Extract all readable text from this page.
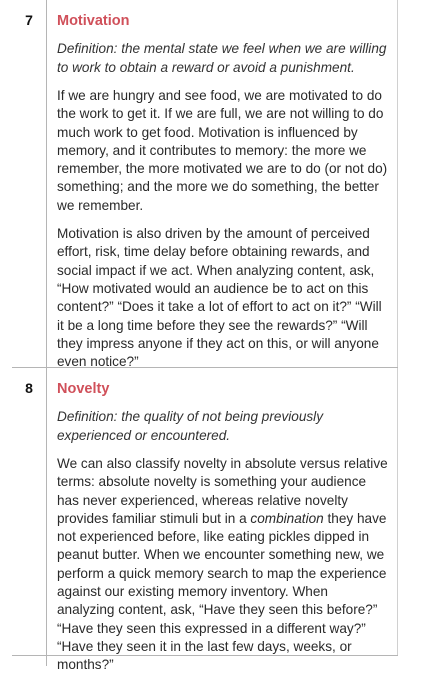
7	Motivation

Definition: the mental state we feel when we are willing to work to obtain a reward or avoid a punishment.

If we are hungry and see food, we are motivated to do the work to get it. If we are full, we are not willing to do much work to get food. Motivation is influenced by memory, and it contributes to memory: the more we remember, the more motivated we are to do (or not do) something; and the more we do something, the better we remember.

Motivation is also driven by the amount of perceived effort, risk, time delay before obtaining rewards, and social impact if we act. When analyzing content, ask, “How motivated would an audience be to act on this content?” “Does it take a lot of effort to act on it?” “Will it be a long time before they see the rewards?” “Will they impress anyone if they act on this, or will anyone even notice?”

8	Novelty

Definition: the quality of not being previously experienced or encountered.

We can also classify novelty in absolute versus relative terms: absolute novelty is something your audience has never experienced, whereas relative novelty provides familiar stimuli but in a combination they have not experienced before, like eating pickles dipped in peanut butter. When we encounter something new, we perform a quick memory search to map the experience against our existing memory inventory. When analyzing content, ask, “Have they seen this before?” “Have they seen this expressed in a different way?” “Have they seen it in the last few days, weeks, or months?”
